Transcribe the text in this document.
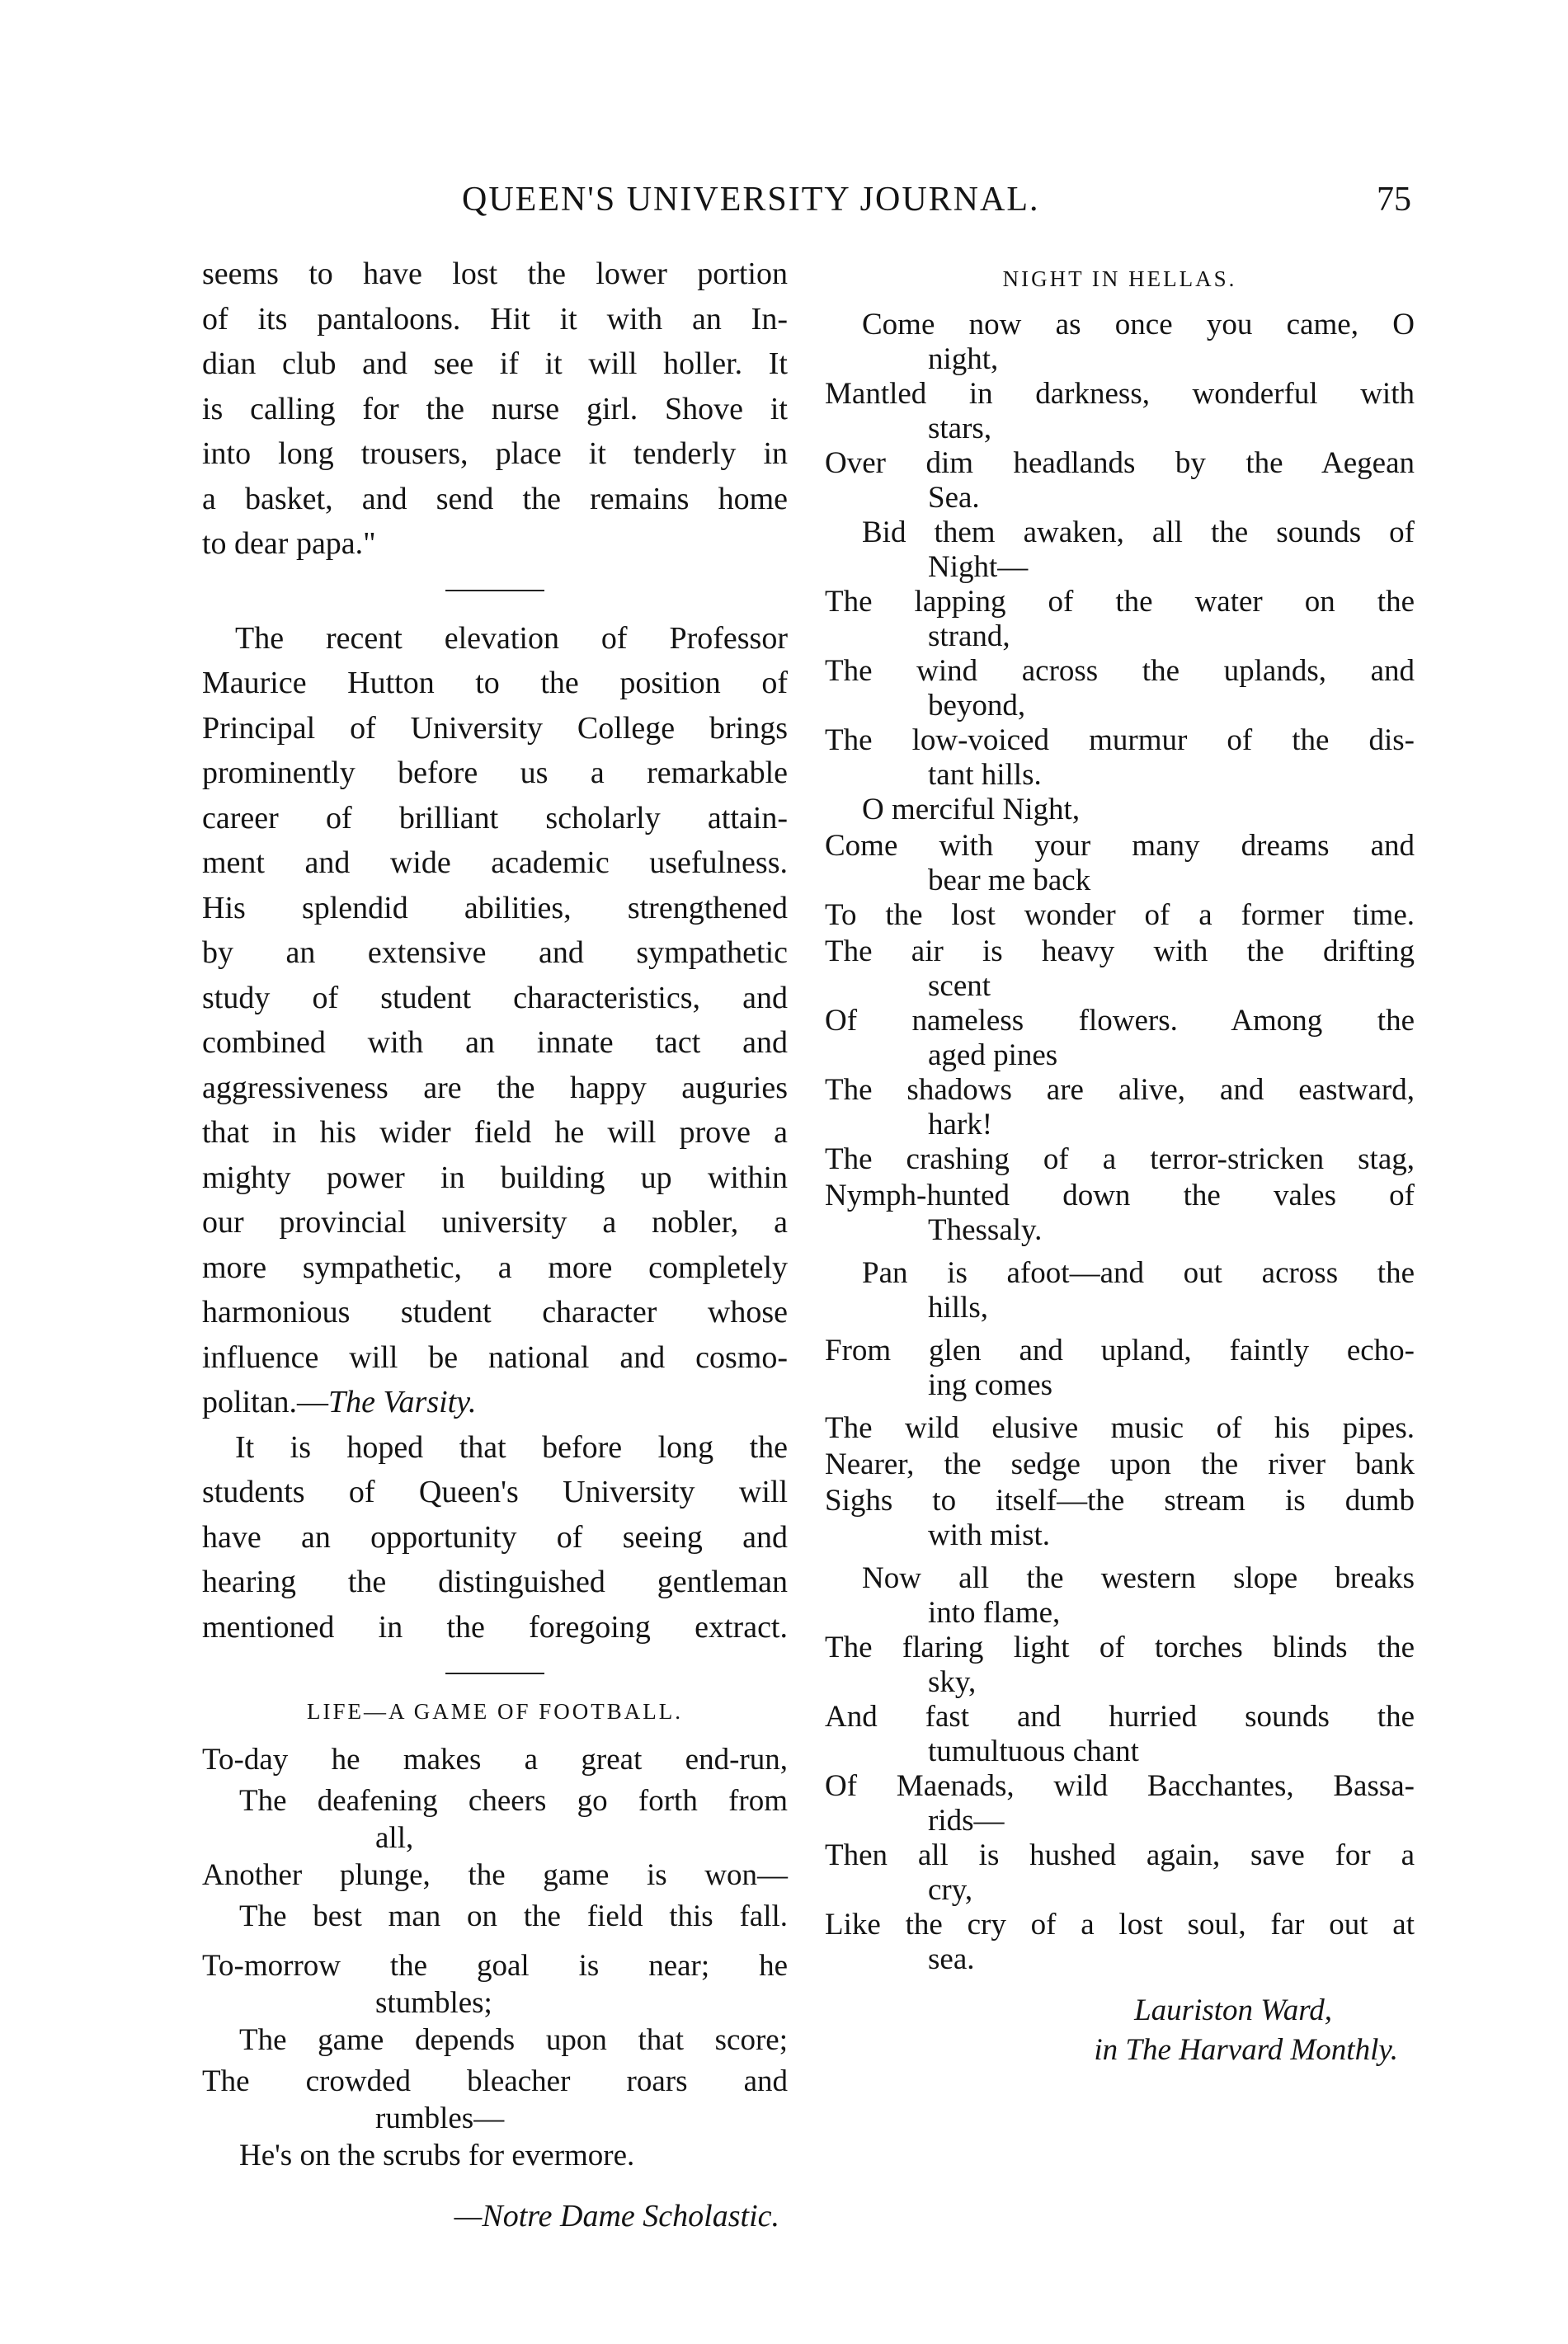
QUEEN'S UNIVERSITY JOURNAL.	75

seems to have lost the lower portion
of its pantaloons. Hit it with an In-
dian club and see if it will holler. It
is calling for the nurse girl. Shove it
into long trousers, place it tenderly in
a basket, and send the remains home
to dear papa."

The recent elevation of Professor
Maurice Hutton to the position of
Principal of University College brings
prominently before us a remarkable
career of brilliant scholarly attain-
ment and wide academic usefulness.
His splendid abilities, strengthened
by an extensive and sympathetic
study of student characteristics, and
combined with an innate tact and
aggressiveness are the happy auguries
that in his wider field he will prove a
mighty power in building up within
our provincial university a nobler, a
more sympathetic, a more completely
harmonious student character whose
influence will be national and cosmo-
politan.—The Varsity.

It is hoped that before long the
students of Queen's University will
have an opportunity of seeing and
hearing the distinguished gentleman
mentioned in the foregoing extract.

LIFE—A GAME OF FOOTBALL.
To-day he makes a great end-run,
The deafening cheers go forth from
all,
Another plunge, the game is won—
The best man on the field this fall.
To-morrow the goal is near; he
stumbles;
The game depends upon that score;
The crowded bleacher roars and
rumbles—
He's on the scrubs for evermore.
—Notre Dame Scholastic.
NIGHT IN HELLAS.
Come now as once you came, O
night,
Mantled in darkness, wonderful with
stars,
Over dim headlands by the Aegean
Sea.
Bid them awaken, all the sounds of
Night—
The lapping of the water on the
strand,
The wind across the uplands, and
beyond,
The low-voiced murmur of the dis-
tant hills.
O merciful Night,
Come with your many dreams and
bear me back
To the lost wonder of a former time.
The air is heavy with the drifting
scent
Of nameless flowers. Among the
aged pines
The shadows are alive, and eastward,
hark!
The crashing of a terror-stricken stag,
Nymph-hunted down the vales of
Thessaly.
Pan is afoot—and out across the
hills,
From glen and upland, faintly echo-
ing comes
The wild elusive music of his pipes.
Nearer, the sedge upon the river bank
Sighs to itself—the stream is dumb
with mist.
Now all the western slope breaks
into flame,
The flaring light of torches blinds the
sky,
And fast and hurried sounds the
tumultuous chant
Of Maenads, wild Bacchantes, Bassa-
rids—
Then all is hushed again, save for a
cry,
Like the cry of a lost soul, far out at
sea.
Lauriston Ward,
in The Harvard Monthly.
